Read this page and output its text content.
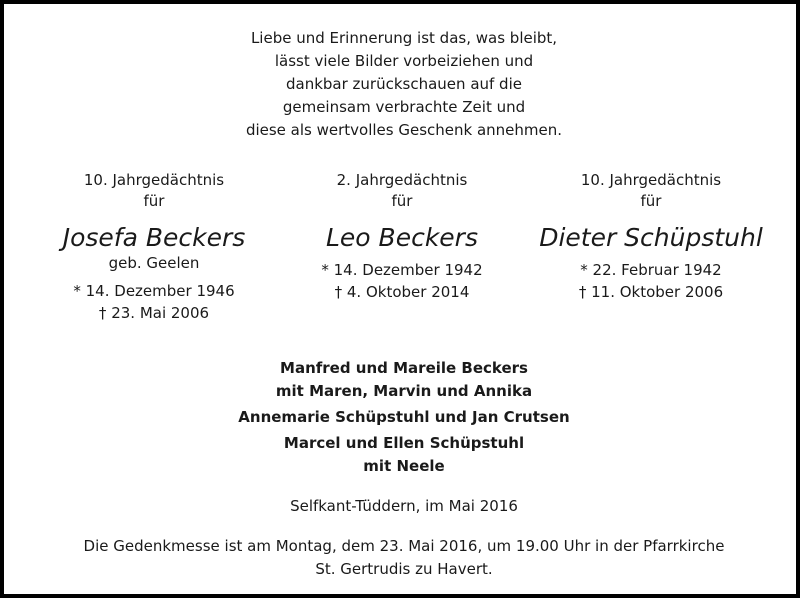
Liebe und Erinnerung ist das, was bleibt,
lässt viele Bilder vorbeiziehen und
dankbar zurückschauen auf die
gemeinsam verbrachte Zeit und
diese als wertvolles Geschenk annehmen.
10. Jahrgedächtnis
für
Josefa Beckers
geb. Geelen
* 14. Dezember 1946
† 23. Mai 2006
2. Jahrgedächtnis
für
Leo Beckers
* 14. Dezember 1942
† 4. Oktober 2014
10. Jahrgedächtnis
für
Dieter Schüpstuhl
* 22. Februar 1942
† 11. Oktober 2006
Manfred und Mareile Beckers
mit Maren, Marvin und Annika
Annemarie Schüpstuhl und Jan Crutsen
Marcel und Ellen Schüpstuhl
mit Neele
Selfkant-Tüddern, im Mai 2016
Die Gedenkmesse ist am Montag, dem 23. Mai 2016, um 19.00 Uhr in der Pfarrkirche
St. Gertrudis zu Havert.
